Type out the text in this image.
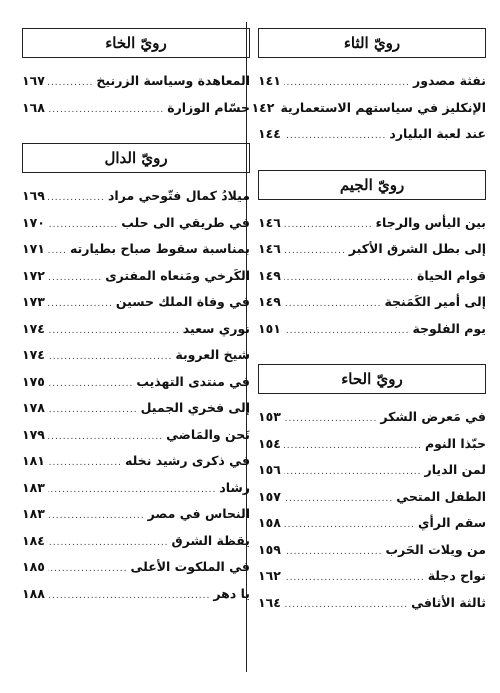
رويّ الثاء
نفثة مصدور
.....
١٤١
الإنكليز في سياستهم الاستعمارية
١٤٢
عند لعبة البليارد
.....
١٤٤
رويّ الجيم
بين اليأس والرجاء
.....
١٤٦
إلى بطل الشرق الأكبر
.....
١٤٦
قوام الحياة
.....
١٤٩
إلى أمير الكَمَنجة
.....
١٤٩
يوم الفلوجة
.....
١٥١
رويّ الحاء
في مَعرض الشكر
.....
١٥٣
حبّذا النوم
.....
١٥٤
لمن الديار
.....
١٥٦
الطفل المتحي
.....
١٥٧
سقم الرأي
.....
١٥٨
من ويلات الحَرب
.....
١٥٩
نواح دجلة
.....
١٦٢
ثالثة الأثافي
.....
١٦٤
رويّ الخاء
المعاهدة وسياسة الزرنيخ
.....
١٦٧
حسّام الوزارة
.....
١٦٨
رويّ الدال
ميلادُ كمال فتّوحي مراد
.....
١٦٩
في طريقي الى حلب
.....
١٧٠
بمناسبة سقوط صباح بطيارته
.....
١٧١
الكَرخي ومَنعاه المفترى
.....
١٧٢
في وفاة الملك حسين
.....
١٧٣
نوري سعيد
.....
١٧٤
شيخ العروبة
.....
١٧٤
في منتدى التهذيب
.....
١٧٥
إلى فخري الجميل
.....
١٧٨
نَحن والمَاضي
.....
١٧٩
في ذكرى رشيد نخله
.....
١٨١
رشاد
.....
١٨٣
النحاس في مصر
.....
١٨٣
يقظة الشرق
.....
١٨٤
في الملكوت الأعلى
.....
١٨٥
يا دهر
.....
١٨٨
